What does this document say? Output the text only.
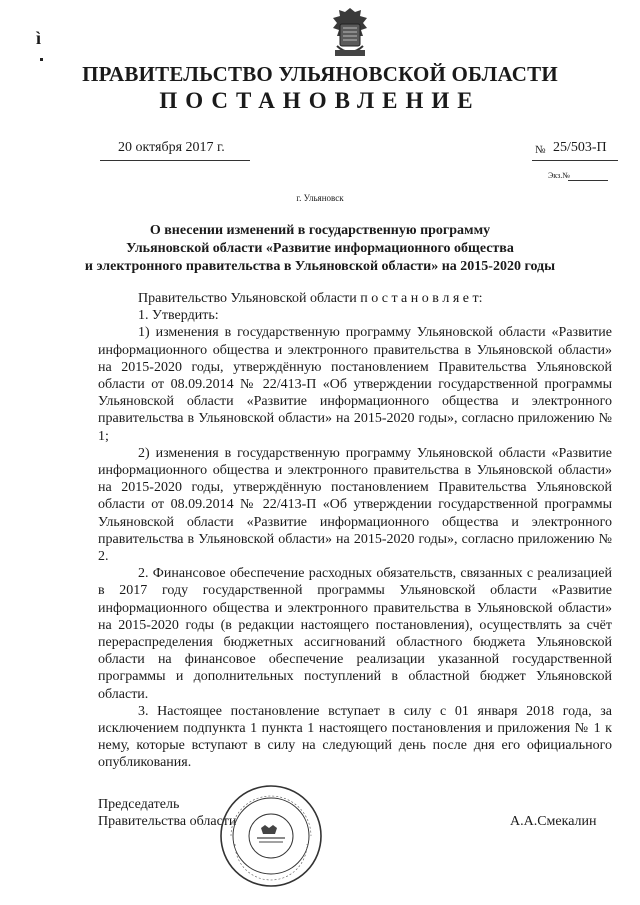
ì
ПРАВИТЕЛЬСТВО УЛЬЯНОВСКОЙ ОБЛАСТИ
ПОСТАНОВЛЕНИЕ
20 октября 2017 г.	№ 25/503-П
Экз.№
г. Ульяновск
О внесении изменений в государственную программу
Ульяновской области «Развитие информационного общества
и электронного правительства в Ульяновской области» на 2015-2020 годы

Правительство Ульяновской области п о с т а н о в л я е т:

1. Утвердить:

1) изменения в государственную программу Ульяновской области «Развитие информационного общества и электронного правительства в Ульяновской области» на 2015-2020 годы, утверждённую постановлением Правительства Ульяновской области от 08.09.2014 № 22/413-П «Об утверждении государственной программы Ульяновской области «Развитие информационного общества и электронного правительства в Ульяновской области» на 2015-2020 годы», согласно приложению № 1;

2) изменения в государственную программу Ульяновской области «Развитие информационного общества и электронного правительства в Ульяновской области» на 2015-2020 годы, утверждённую постановлением Правительства Ульяновской области от 08.09.2014 № 22/413-П «Об утверждении государственной программы Ульяновской области «Развитие информационного общества и электронного правительства в Ульяновской области» на 2015-2020 годы», согласно приложению № 2.

2. Финансовое обеспечение расходных обязательств, связанных с реализацией в 2017 году государственной программы Ульяновской области «Развитие информационного общества и электронного правительства в Ульяновской области» на 2015-2020 годы (в редакции настоящего постановления), осуществлять за счёт перераспределения бюджетных ассигнований областного бюджета Ульяновской области на финансовое обеспечение реализации указанной государственной программы и дополнительных поступлений в областной бюджет Ульяновской области.

3. Настоящее постановление вступает в силу с 01 января 2018 года, за исключением подпункта 1 пункта 1 настоящего постановления и приложения № 1 к нему, которые вступают в силу на следующий день после дня его официального опубликования.

Председатель
Правительства области	А.А.Смекалин
